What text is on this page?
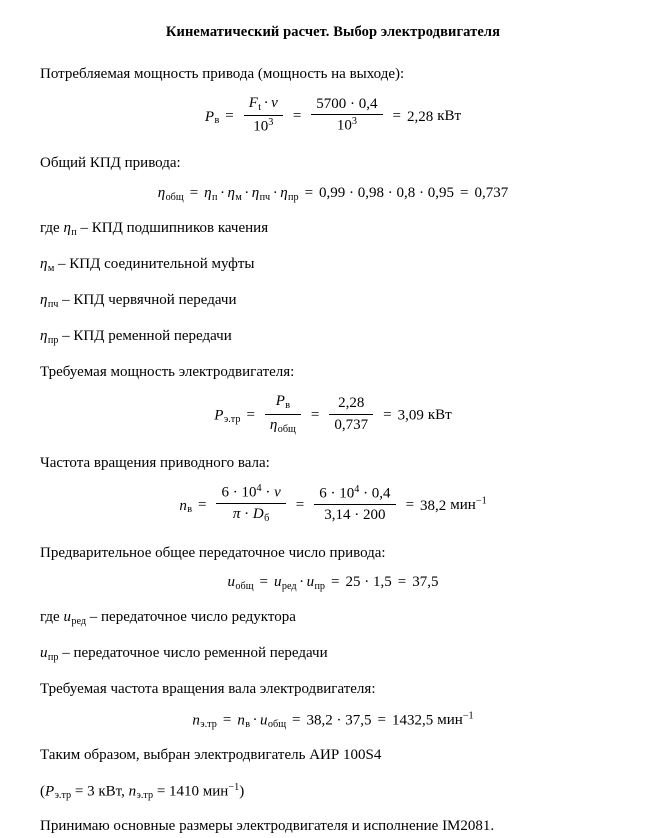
Кинематический расчет. Выбор электродвигателя

Потребляемая мощность привода (мощность на выходе):

$P_в = \frac{F_t \cdot v}{10^3} = \frac{5700 \cdot 0,4}{10^3} = 2,28$ кВт

Общий КПД привода:

$\eta_{общ} = \eta_п \cdot \eta_м \cdot \eta_{пч} \cdot \eta_{пр} = 0,99 \cdot 0,98 \cdot 0,8 \cdot 0,95 = 0,737$

где $\eta_п$ – КПД подшипников качения

$\eta_м$ – КПД соединительной муфты

$\eta_{пч}$ – КПД червячной передачи

$\eta_{пр}$ – КПД ременной передачи

Требуемая мощность электродвигателя:

$P_{э.тр} = \frac{P_в}{\eta_{общ}} = \frac{2,28}{0,737} = 3,09$ кВт

Частота вращения приводного вала:

$n_в = \frac{6 \cdot 10^4 \cdot v}{\pi \cdot D_б} = \frac{6 \cdot 10^4 \cdot 0,4}{3,14 \cdot 200} = 38,2$ мин$^{-1}$

Предварительное общее передаточное число привода:

$u_{общ} = u_{ред} \cdot u_{пр} = 25 \cdot 1,5 = 37,5$

где $u_{ред}$ – передаточное число редуктора

$u_{пр}$ – передаточное число ременной передачи

Требуемая частота вращения вала электродвигателя:

$n_{э.тр} = n_в \cdot u_{общ} = 38,2 \cdot 37,5 = 1432,5$ мин$^{-1}$

Таким образом, выбран электродвигатель АИР 100S4

($P_{э.тр} = 3$ кВт, $n_{э.тр} = 1410$ мин$^{-1}$)

Принимаю основные размеры электродвигателя и исполнение IM2081.
